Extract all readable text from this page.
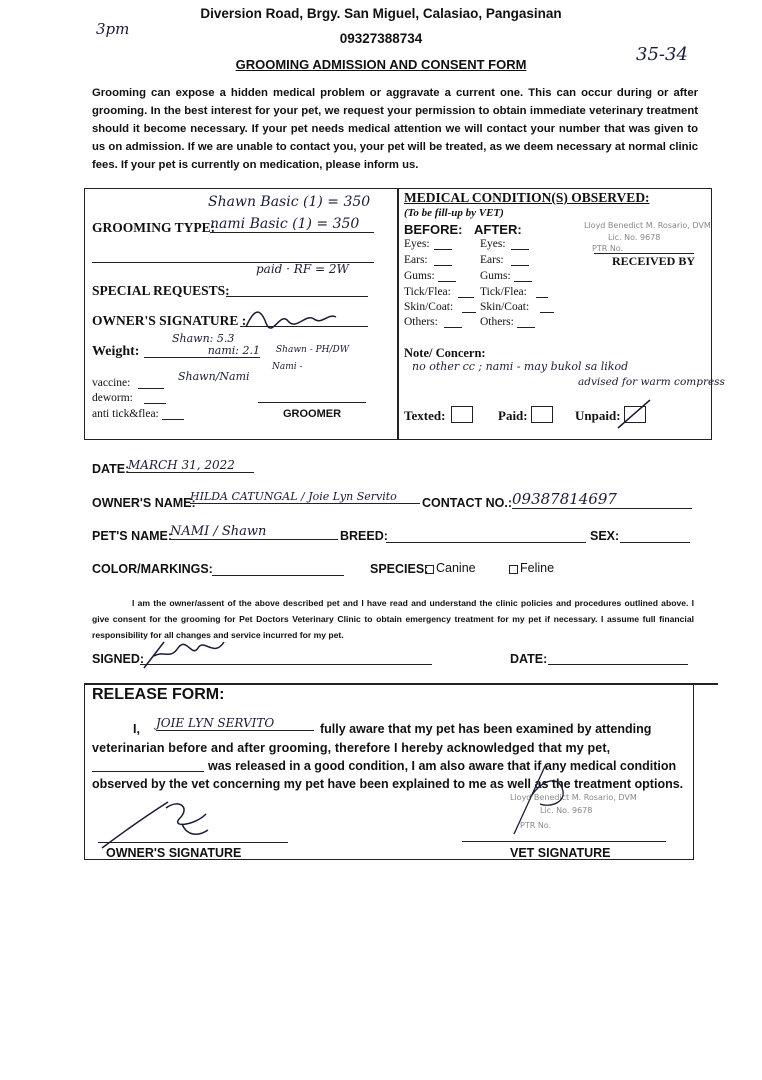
3pm
35-34
Diversion Road, Brgy. San Miguel, Calasiao, Pangasinan
09327388734
GROOMING ADMISSION AND CONSENT FORM
Grooming can expose a hidden medical problem or aggravate a current one. This can occur during or after grooming. In the best interest for your pet, we request your permission to obtain immediate veterinary treatment should it become necessary. If your pet needs medical attention we will contact your number that was given to us on admission. If we are unable to contact you, your pet will be treated, as we deem necessary at normal clinic fees. If your pet is currently on medication, please inform us.
Shawn Basic (1) = 350
GROOMING TYPE:
nami Basic (1) = 350
paid · RF = 2W
SPECIAL REQUESTS:
OWNER'S SIGNATURE :
Weight:
Shawn: 5.3
nami: 2.1 Shawn - PH/DW
Nami -
vaccine:	Shawn/Nami
deworm:
anti tick&flea:	GROOMER
MEDICAL CONDITION(S) OBSERVED:
(To be fill-up by VET)
BEFORE: AFTER:
Eyes:	Eyes:
Ears:	Ears:
Gums:	Gums:
Tick/Flea:	Tick/Flea:
Skin/Coat: Skin/Coat:
Others:	Others:
Lloyd Benedict M. Rosario, DVM
Lic. No. 9678
PTR No.
RECEIVED BY
Note/ Concern:
no other cc ; nami - may bukol sa likod
advised for warm compress
Texted:	Paid:	Unpaid:
DATE:
MARCH 31, 2022
OWNER'S NAME:
HILDA CATUNGAL / Joie Lyn Servito	CONTACT NO.: 09387814697
PET'S NAME:
NAMI / Shawn	BREED:	SEX:
COLOR/MARKINGS:	SPECIES: Canine	Feline
I am the owner/assent of the above described pet and I have read and understand the clinic policies and procedures outlined above. I give consent for the grooming for Pet Doctors Veterinary Clinic to obtain emergency treatment for my pet if necessary. I assume full financial responsibility for all changes and service incurred for my pet.
SIGNED:	DATE:
RELEASE FORM:
I, JOIE LYN SERVITO	fully aware that my pet has been examined by attending
veterinarian before and after grooming, therefore I hereby acknowledged that my pet,
was released in a good condition, I am also aware that if any medical condition
observed by the vet concerning my pet have been explained to me as well as the treatment options.
OWNER'S SIGNATURE
Lloyd Benedict M. Rosario, DVM
Lic. No. 9678
PTR No.
VET SIGNATURE
